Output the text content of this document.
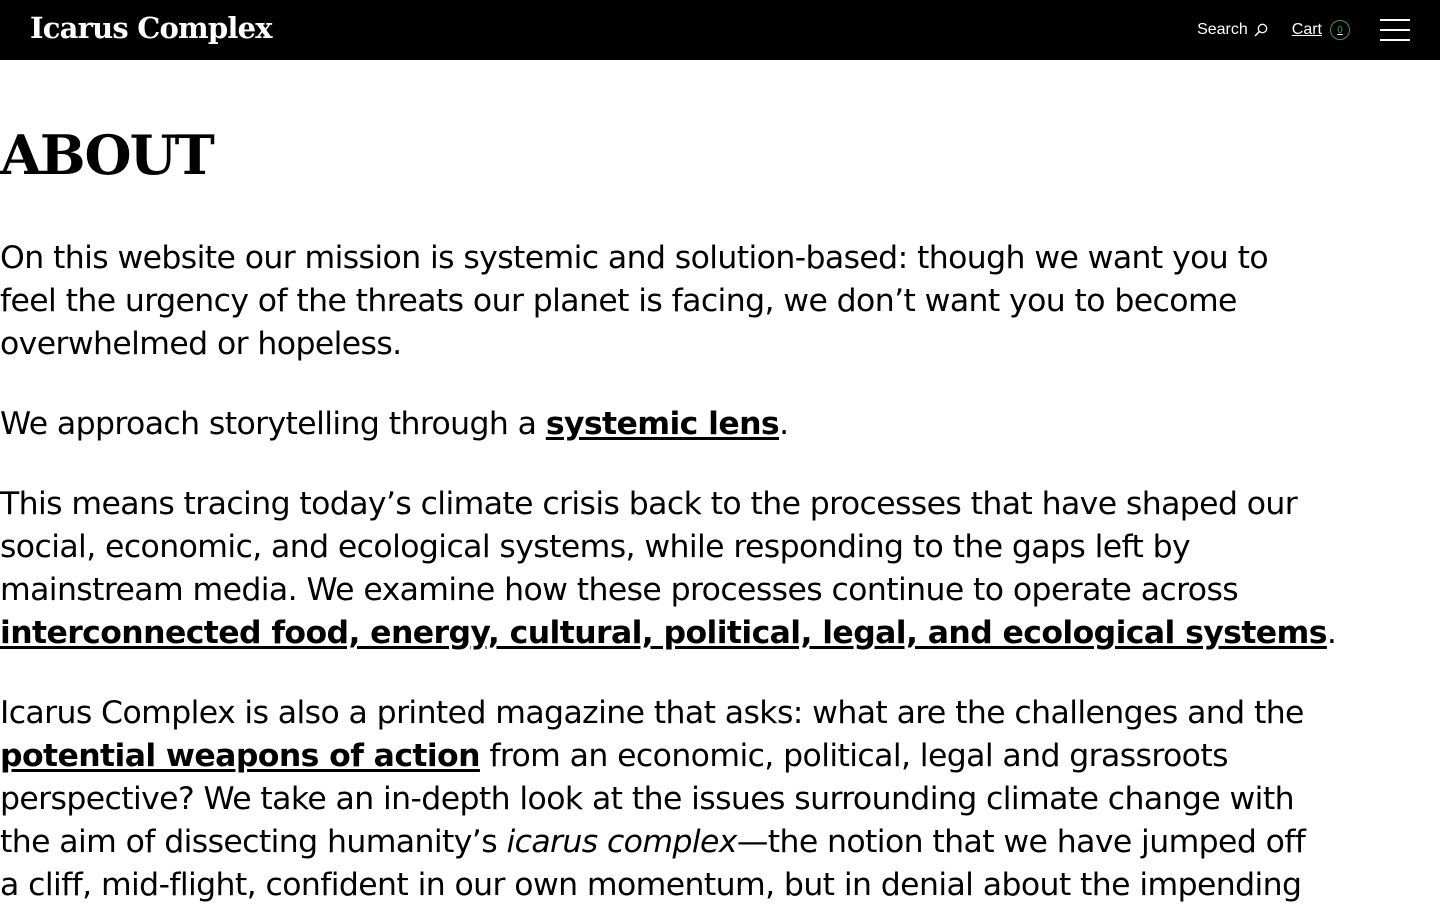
Icarus Complex	Search	Cart	0
ABOUT

On this website our mission is systemic and solution-based: though we want you to
feel the urgency of the threats our planet is facing, we don’t want you to become
overwhelmed or hopeless.

We approach storytelling through a systemic lens.

This means tracing today’s climate crisis back to the processes that have shaped our
social, economic, and ecological systems, while responding to the gaps left by
mainstream media. We examine how these processes continue to operate across
interconnected food, energy, cultural, political, legal, and ecological systems.

Icarus Complex is also a printed magazine that asks: what are the challenges and the
potential weapons of action from an economic, political, legal and grassroots
perspective? We take an in-depth look at the issues surrounding climate change with
the aim of dissecting humanity’s icarus complex—the notion that we have jumped off
a cliff, mid-flight, confident in our own momentum, but in denial about the impending
